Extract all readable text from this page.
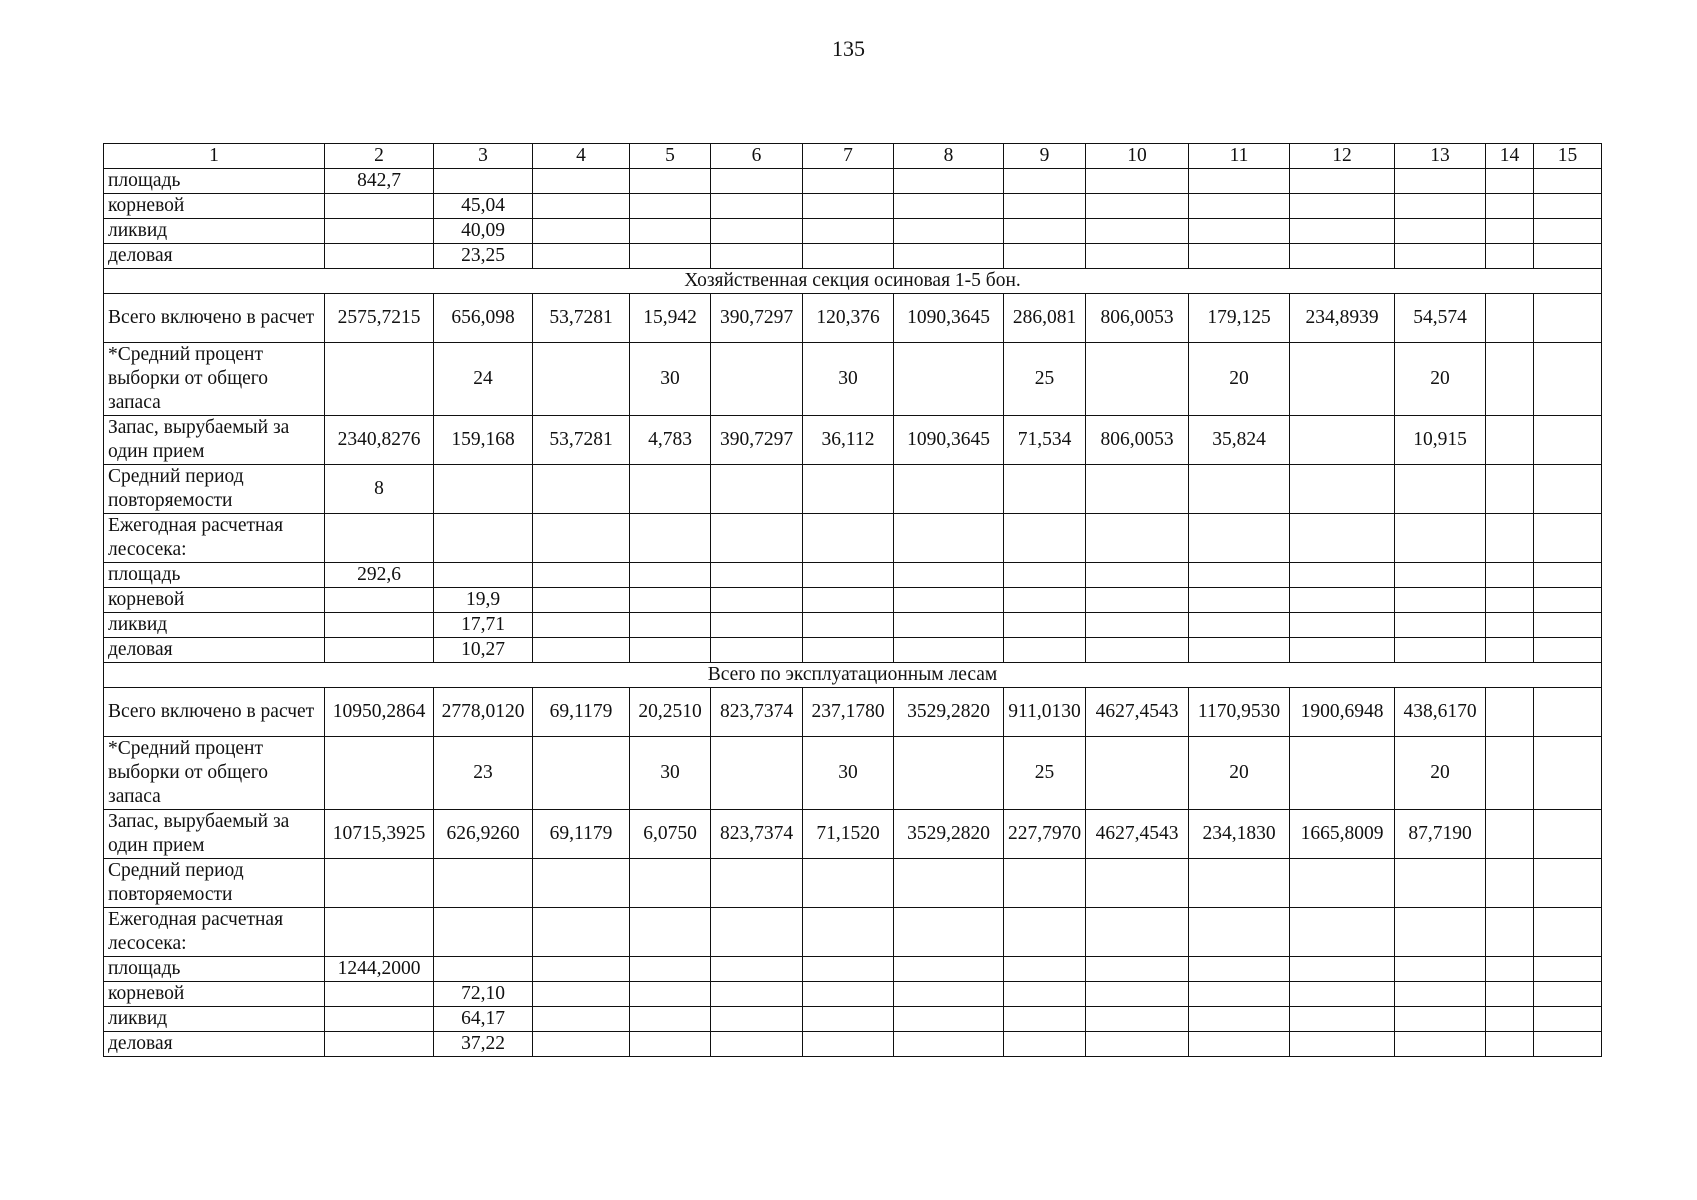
135
1	2	3	4	5	6	7	8	9	10	11	12	13	14	15
площадь	842,7													
корневой		45,04												
ликвид		40,09												
деловая		23,25												
Хозяйственная секция осиновая 1-5 бон.														
Всего включено в расчет	2575,7215	656,098	53,7281	15,942	390,7297	120,376	1090,3645	286,081	806,0053	179,125	234,8939	54,574		
*Средний процент выборки от общего запаса		24		30		30		25		20		20		
Запас, вырубаемый за один прием	2340,8276	159,168	53,7281	4,783	390,7297	36,112	1090,3645	71,534	806,0053	35,824		10,915		
Средний период повторяемости	8													
Ежегодная расчетная лесосека:														
площадь	292,6													
корневой		19,9												
ликвид		17,71												
деловая		10,27												
Всего по эксплуатационным лесам														
Всего включено в расчет	10950,2864	2778,0120	69,1179	20,2510	823,7374	237,1780	3529,2820	911,0130	4627,4543	1170,9530	1900,6948	438,6170		
*Средний процент выборки от общего запаса		23		30		30		25		20		20		
Запас, вырубаемый за один прием	10715,3925	626,9260	69,1179	6,0750	823,7374	71,1520	3529,2820	227,7970	4627,4543	234,1830	1665,8009	87,7190		
Средний период повторяемости														
Ежегодная расчетная лесосека:														
площадь	1244,2000													
корневой		72,10												
ликвид		64,17												
деловая		37,22												
